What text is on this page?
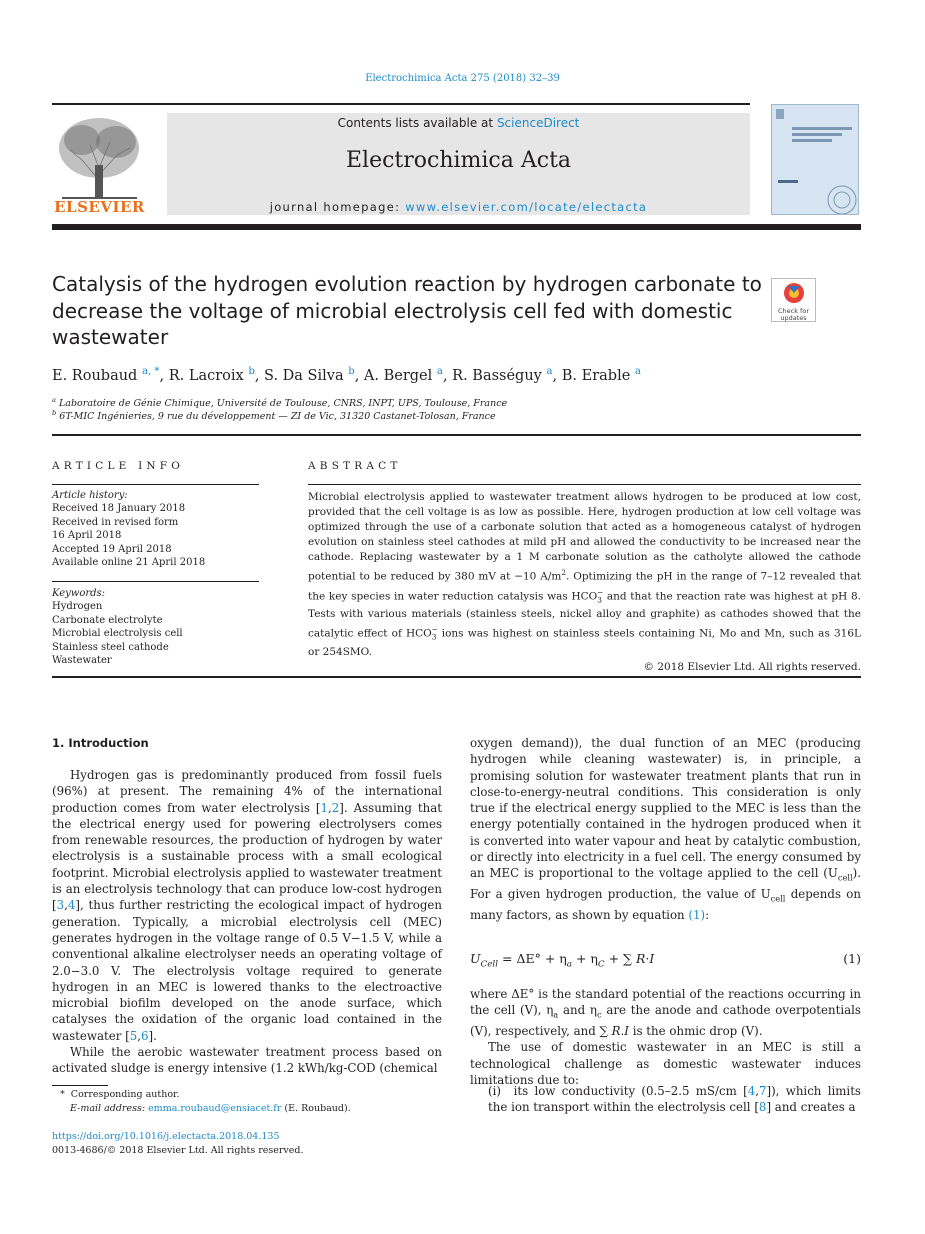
Electrochimica Acta 275 (2018) 32–39
ELSEVIER
Contents lists available at ScienceDirect
Electrochimica Acta
journal homepage: www.elsevier.com/locate/electacta
Catalysis of the hydrogen evolution reaction by hydrogen carbonate to decrease the voltage of microbial electrolysis cell fed with domestic wastewater
Check for
updates
E. Roubaud $^{a, *}$, R. Lacroix $^b$, S. Da Silva $^b$, A. Bergel $^a$, R. Basséguy $^a$, B. Erable $^a$
$^a$ Laboratoire de Génie Chimique, Université de Toulouse, CNRS, INPT, UPS, Toulouse, France
$^b$ 6T-MIC Ingénieries, 9 rue du développement — ZI de Vic, 31320 Castanet-Tolosan, France
ARTICLE INFO	ABSTRACT
Article history:
Received 18 January 2018
Received in revised form
16 April 2018
Accepted 19 April 2018
Available online 21 April 2018
Keywords:
Hydrogen
Carbonate electrolyte
Microbial electrolysis cell
Stainless steel cathode
Wastewater
Microbial electrolysis applied to wastewater treatment allows hydrogen to be produced at low cost, provided that the cell voltage is as low as possible. Here, hydrogen production at low cell voltage was optimized through the use of a carbonate solution that acted as a homogeneous catalyst of hydrogen evolution on stainless steel cathodes at mild pH and allowed the conductivity to be increased near the cathode. Replacing wastewater by a 1 M carbonate solution as the catholyte allowed the cathode potential to be reduced by 380 mV at −10 $A/m^2$. Optimizing the pH in the range of 7–12 revealed that the key species in water reduction catalysis was $HCO_3^-$ and that the reaction rate was highest at pH 8. Tests with various materials (stainless steels, nickel alloy and graphite) as cathodes showed that the catalytic effect of $HCO_3^-$ ions was highest on stainless steels containing Ni, Mo and Mn, such as 316L or 254SMO.
© 2018 Elsevier Ltd. All rights reserved.
1. Introduction

Hydrogen gas is predominantly produced from fossil fuels (96%) at present. The remaining 4% of the international production comes from water electrolysis [1,2]. Assuming that the electrical energy used for powering electrolysers comes from renewable resources, the production of hydrogen by water electrolysis is a sustainable process with a small ecological footprint. Microbial electrolysis applied to wastewater treatment is an electrolysis technology that can produce low-cost hydrogen [3,4], thus further restricting the ecological impact of hydrogen generation. Typically, a microbial electrolysis cell (MEC) generates hydrogen in the voltage range of 0.5 V−1.5 V, while a conventional alkaline electrolyser needs an operating voltage of 2.0−3.0 V. The electrolysis voltage required to generate hydrogen in an MEC is lowered thanks to the electroactive microbial biofilm developed on the anode surface, which catalyses the oxidation of the organic load contained in the wastewater [5,6].

While the aerobic wastewater treatment process based on activated sludge is energy intensive (1.2 kWh/kg-COD (chemical

oxygen demand)), the dual function of an MEC (producing hydrogen while cleaning wastewater) is, in principle, a promising solution for wastewater treatment plants that run in close-to-energy-neutral conditions. This consideration is only true if the electrical energy supplied to the MEC is less than the energy potentially contained in the hydrogen produced when it is converted into water vapour and heat by catalytic combustion, or directly into electricity in a fuel cell. The energy consumed by an MEC is proportional to the voltage applied to the cell $(U_{cell})$. For a given hydrogen production, the value of $U_{cell}$ depends on many factors, as shown by equation (1):

$U_{Cell} = \Delta E^\circ + \eta_a + \eta_C$ + ∑ R·I	(1)

where ΔE° is the standard potential of the reactions occurring in the cell (V), $\eta_a$ and $\eta_c$ are the anode and cathode overpotentials (V), respectively, and ∑ R.I is the ohmic drop (V).

The use of domestic wastewater in an MEC is still a technological challenge as domestic wastewater induces limitations due to:

(i) its low conductivity (0.5–2.5 mS/cm [4,7]), which limits the ion transport within the electrolysis cell [8] and creates a
*  Corresponding author.
E-mail address: emma.roubaud@ensiacet.fr (E. Roubaud).
https://doi.org/10.1016/j.electacta.2018.04.135
0013-4686/© 2018 Elsevier Ltd. All rights reserved.
